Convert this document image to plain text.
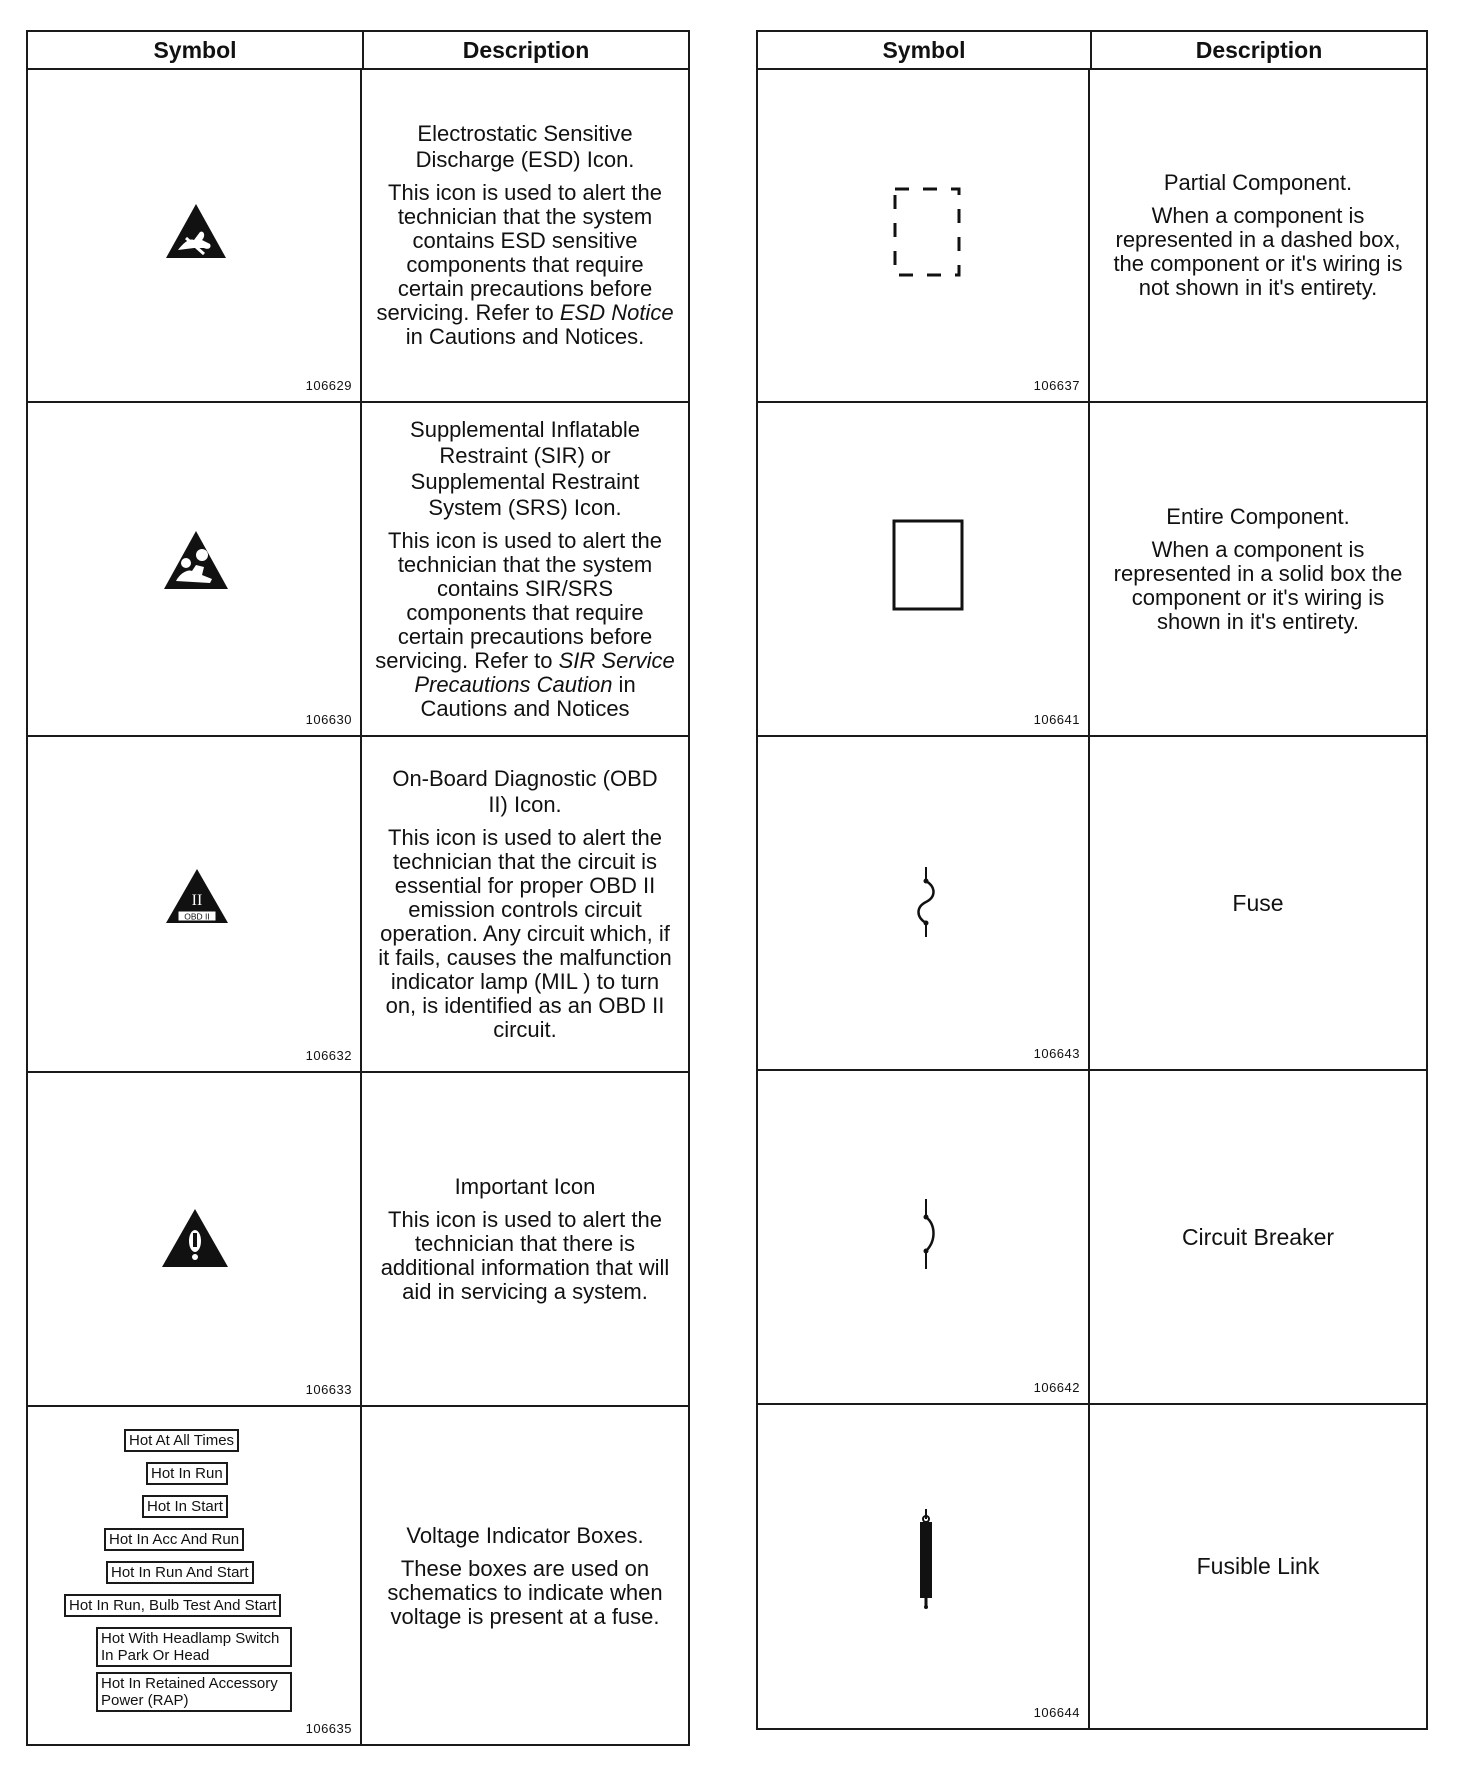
Symbol	Description
106629
Electrostatic Sensitive Discharge (ESD) Icon.
This icon is used to alert the technician that the system contains ESD sensitive components that require certain precautions before servicing. Refer to ESD Notice in Cautions and Notices.
106630
Supplemental Inflatable Restraint (SIR) or Supplemental Restraint System (SRS) Icon.
This icon is used to alert the technician that the system contains SIR/SRS components that require certain precautions before servicing. Refer to SIR Service Precautions Caution in Cautions and Notices
II
OBD II
106632
On-Board Diagnostic (OBD II) Icon.
This icon is used to alert the technician that the circuit is essential for proper OBD II emission controls circuit operation. Any circuit which, if it fails, causes the malfunction indicator lamp (MIL ) to turn on, is identified as an OBD II circuit.
106633
Important Icon
This icon is used to alert the technician that there is additional information that will aid in servicing a system.
Hot At All Times
Hot In Run
Hot In Start
Hot In Acc And Run
Hot In Run And Start
Hot In Run, Bulb Test And Start
Hot With Headlamp Switch In Park Or Head
Hot In Retained Accessory Power (RAP)
106635
Voltage Indicator Boxes.
These boxes are used on schematics to indicate when voltage is present at a fuse.
Symbol	Description
106637
Partial Component.
When a component is represented in a dashed box, the component or it's wiring is not shown in it's entirety.
106641
Entire Component.
When a component is represented in a solid box the component or it's wiring is shown in it's entirety.
106643
Fuse
106642
Circuit Breaker
106644
Fusible Link
